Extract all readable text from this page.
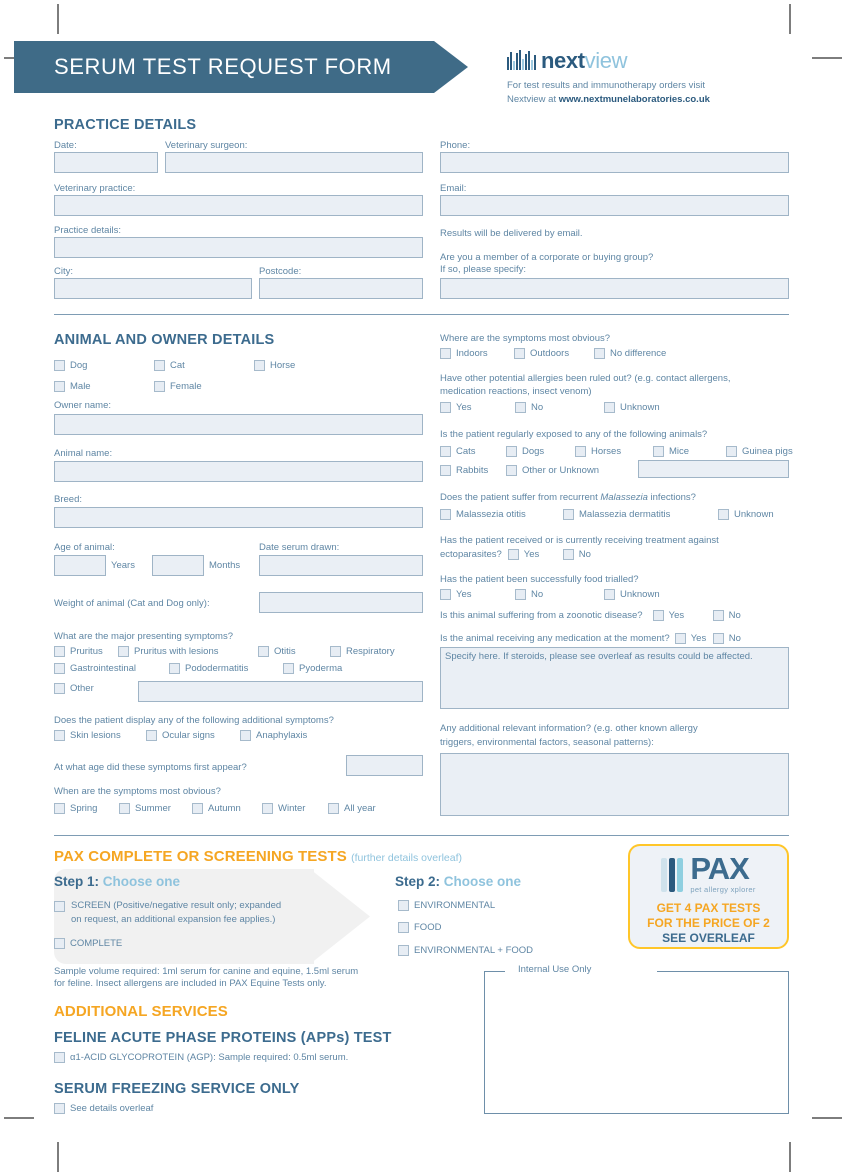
SERUM TEST REQUEST FORM	nextview
For test results and immunotherapy orders visit
Nextview at www.nextmunelaboratories.co.uk
PRACTICE DETAILS
Date:	Veterinary surgeon:
Veterinary practice:
Practice details:
City:	Postcode:
Phone:
Email:
Results will be delivered by email.
Are you a member of a corporate or buying group?
If so, please specify:
ANIMAL AND OWNER DETAILS
Dog	Cat	Horse
Male	Female
Owner name:
Animal name:
Breed:
Age of animal:
Years	Months
Date serum drawn:
Weight of animal (Cat and Dog only):
What are the major presenting symptoms?
Pruritus	Pruritus with lesions	Otitis	Respiratory
Gastrointestinal	Pododermatitis	Pyoderma
Other
Does the patient display any of the following additional symptoms?
Skin lesions	Ocular signs	Anaphylaxis
At what age did these symptoms first appear?
When are the symptoms most obvious?
Spring	Summer	Autumn	Winter	All year
Where are the symptoms most obvious?
Indoors	Outdoors	No difference
Have other potential allergies been ruled out? (e.g. contact allergens,
medication reactions, insect venom)
Yes	No	Unknown
Is the patient regularly exposed to any of the following animals?
Cats	Dogs	Horses	Mice	Guinea pigs
Rabbits	Other or Unknown
Does the patient suffer from recurrent Malassezia infections?
Malassezia otitis	Malassezia dermatitis	Unknown
Has the patient received or is currently receiving treatment against
ectoparasites? Yes	No
Has the patient been successfully food trialled?
Yes	No	Unknown
Is this animal suffering from a zoonotic disease?	Yes	No
Is the animal receiving any medication at the moment? Yes No
Specify here. If steroids, please see overleaf as results could be affected.
Any additional relevant information? (e.g. other known allergy
triggers, environmental factors, seasonal patterns):
PAX COMPLETE OR SCREENING TESTS (further details overleaf)
Step 1: Choose one
SCREEN (Positive/negative result only; expanded
on request, an additional expansion fee applies.)
COMPLETE
Step 2: Choose one
ENVIRONMENTAL
FOOD
ENVIRONMENTAL + FOOD
Sample volume required: 1ml serum for canine and equine, 1.5ml serum
for feline. Insect allergens are included in PAX Equine Tests only.
PAX
pet allergy xplorer
GET 4 PAX TESTS
FOR THE PRICE OF 2
SEE OVERLEAF
ADDITIONAL SERVICES
FELINE ACUTE PHASE PROTEINS (APPs) TEST
α1-ACID GLYCOPROTEIN (AGP): Sample required: 0.5ml serum.
SERUM FREEZING SERVICE ONLY
See details overleaf
Internal Use Only
